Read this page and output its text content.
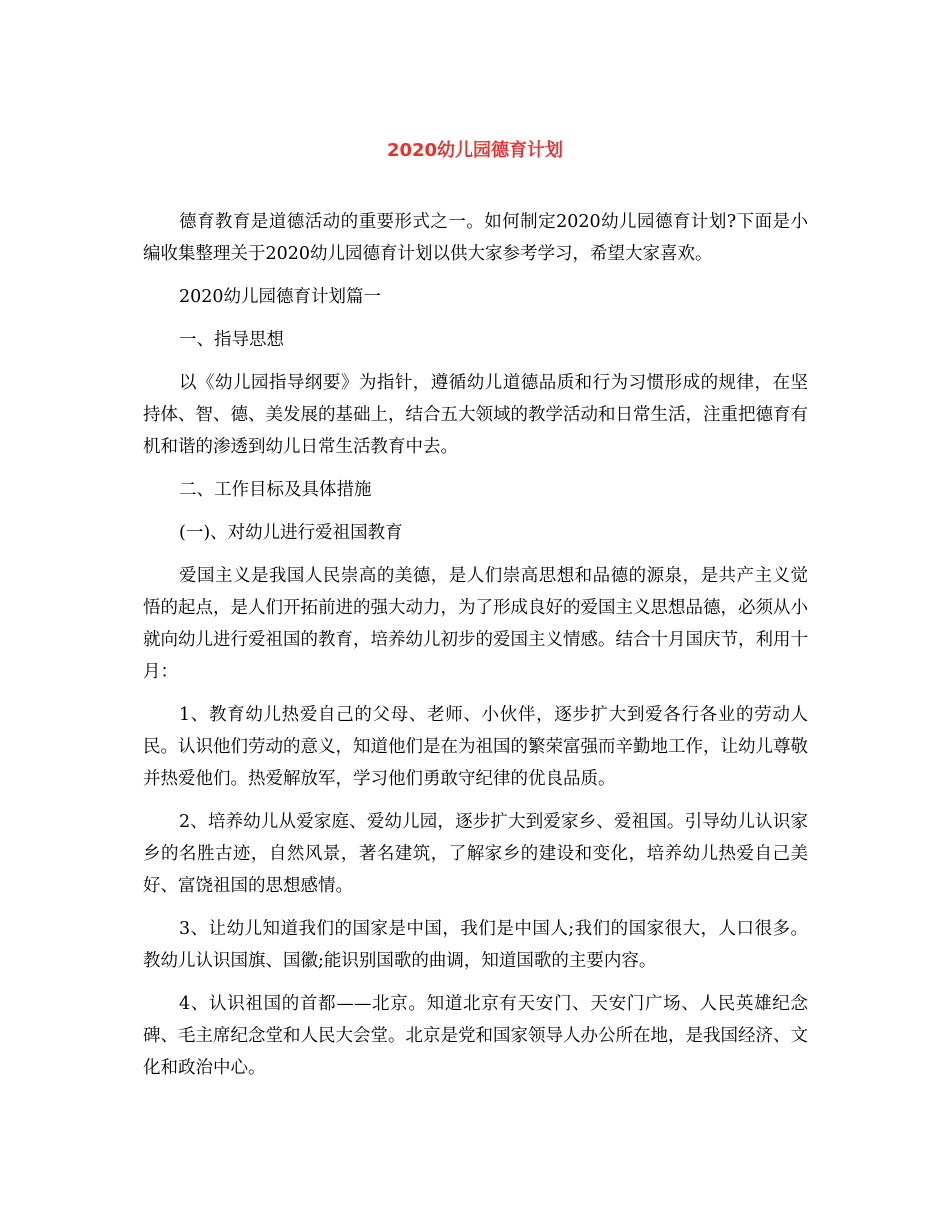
2020幼儿园德育计划

德育教育是道德活动的重要形式之一。如何制定2020幼儿园德育计划?下面是小编收集整理关于2020幼儿园德育计划以供大家参考学习，希望大家喜欢。

2020幼儿园德育计划篇一

一、指导思想

以《幼儿园指导纲要》为指针，遵循幼儿道德品质和行为习惯形成的规律，在坚持体、智、德、美发展的基础上，结合五大领域的教学活动和日常生活，注重把德育有机和谐的渗透到幼儿日常生活教育中去。

二、工作目标及具体措施

(一)、对幼儿进行爱祖国教育

爱国主义是我国人民崇高的美德，是人们崇高思想和品德的源泉，是共产主义觉悟的起点，是人们开拓前进的强大动力，为了形成良好的爱国主义思想品德，必须从小就向幼儿进行爱祖国的教育，培养幼儿初步的爱国主义情感。结合十月国庆节，利用十月：

1、教育幼儿热爱自己的父母、老师、小伙伴，逐步扩大到爱各行各业的劳动人民。认识他们劳动的意义，知道他们是在为祖国的繁荣富强而辛勤地工作，让幼儿尊敬并热爱他们。热爱解放军，学习他们勇敢守纪律的优良品质。

2、培养幼儿从爱家庭、爱幼儿园，逐步扩大到爱家乡、爱祖国。引导幼儿认识家乡的名胜古迹，自然风景，著名建筑，了解家乡的建设和变化，培养幼儿热爱自己美好、富饶祖国的思想感情。

3、让幼儿知道我们的国家是中国，我们是中国人;我们的国家很大，人口很多。教幼儿认识国旗、国徽;能识别国歌的曲调，知道国歌的主要内容。

4、认识祖国的首都——北京。知道北京有天安门、天安门广场、人民英雄纪念碑、毛主席纪念堂和人民大会堂。北京是党和国家领导人办公所在地，是我国经济、文化和政治中心。
